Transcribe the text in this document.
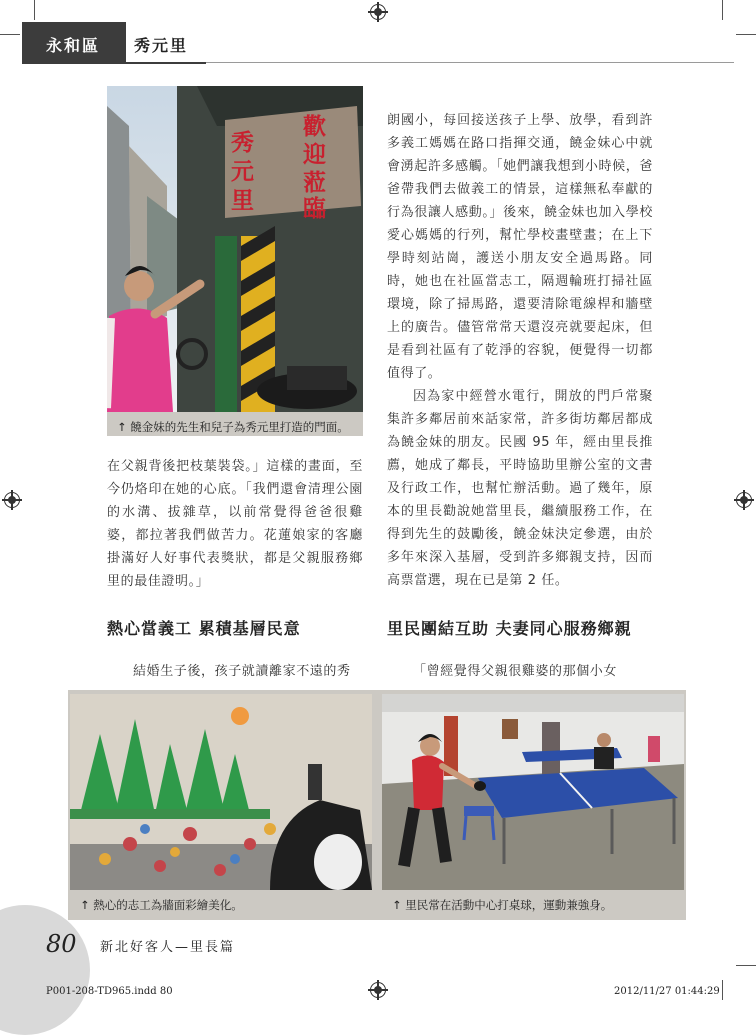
永和區 秀元里
秀
元
里
歡
迎
蒞
臨
↑ 饒金妹的先生和兒子為秀元里打造的門面。

在父親背後把枝葉裝袋。」這樣的畫面，至今仍烙印在她的心底。「我們還會清理公園的水溝、拔雜草，以前常覺得爸爸很雞婆，都拉著我們做苦力。花蓮娘家的客廳掛滿好人好事代表獎狀，都是父親服務鄉里的最佳證明。」

熱心當義工 累積基層民意

結婚生子後，孩子就讀離家不遠的秀

朗國小，每回接送孩子上學、放學，看到許多義工媽媽在路口指揮交通，饒金妹心中就會湧起許多感觸。「她們讓我想到小時候，爸爸帶我們去做義工的情景，這樣無私奉獻的行為很讓人感動。」後來，饒金妹也加入學校愛心媽媽的行列，幫忙學校畫壁畫；在上下學時刻站崗，護送小朋友安全過馬路。同時，她也在社區當志工，隔週輪班打掃社區環境，除了掃馬路，還要清除電線桿和牆壁上的廣告。儘管常常天還沒亮就要起床，但是看到社區有了乾淨的容貌，便覺得一切都值得了。

因為家中經營水電行，開放的門戶常聚集許多鄰居前來話家常，許多街坊鄰居都成為饒金妹的朋友。民國 95 年，經由里長推薦，她成了鄰長，平時協助里辦公室的文書及行政工作，也幫忙辦活動。過了幾年，原本的里長勸說她當里長，繼續服務工作，在得到先生的鼓勵後，饒金妹決定參選，由於多年來深入基層，受到許多鄉親支持，因而高票當選，現在已是第 2 任。

里民團結互助 夫妻同心服務鄉親

「曾經覺得父親很雞婆的那個小女

↑ 熱心的志工為牆面彩繪美化。	↑ 里民常在活動中心打桌球，運動兼強身。
80 新北好客人—里長篇
P001-208-TD965.indd 80	2012/11/27 01:44:29
